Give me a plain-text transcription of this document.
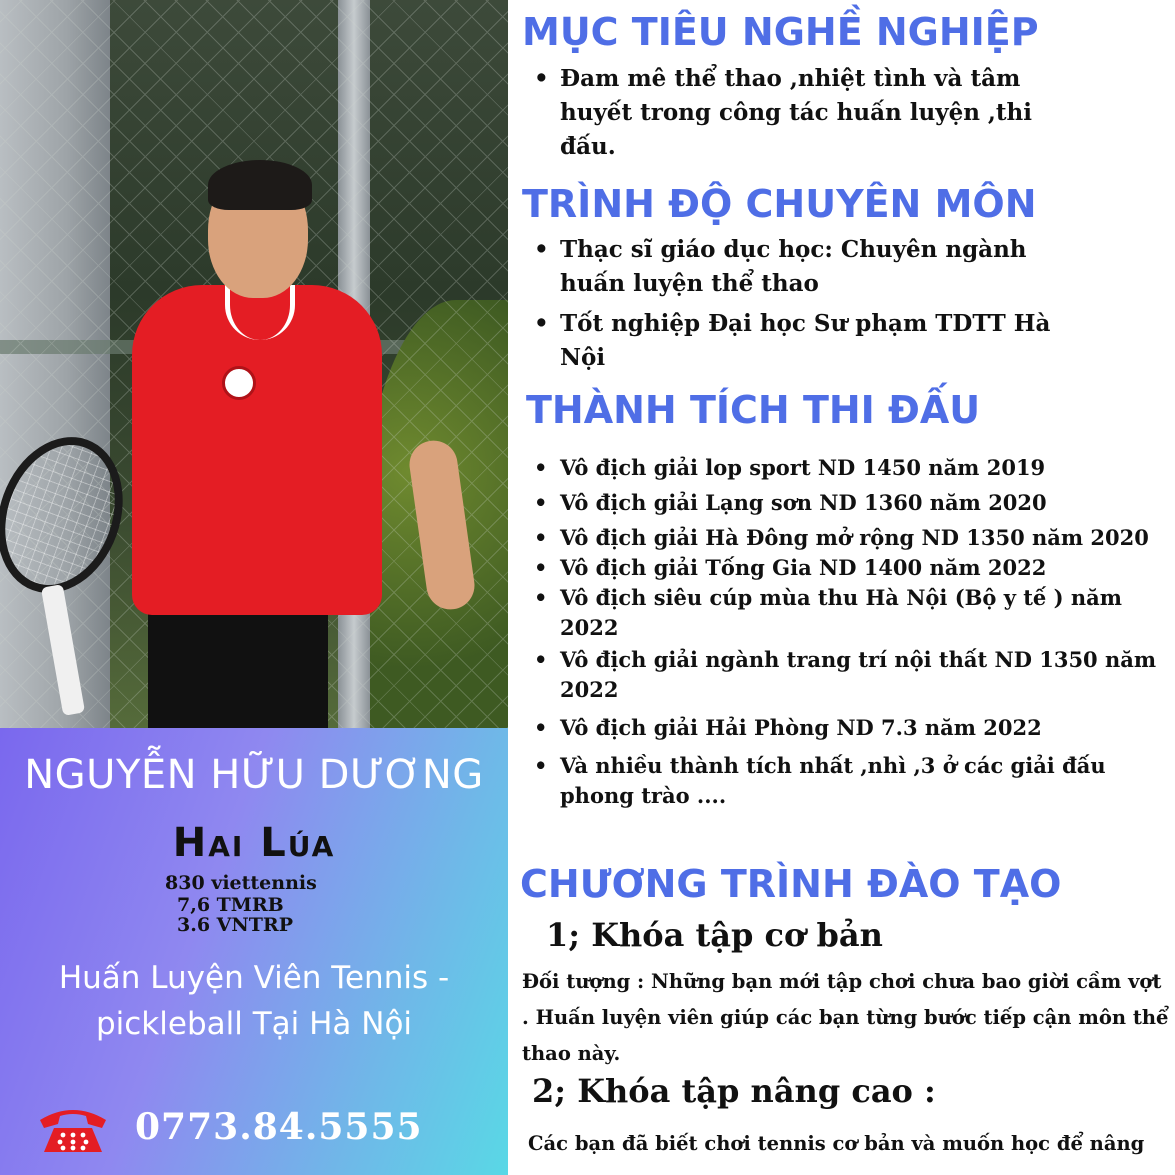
NGUYỄN HỮU DƯƠNG
Hai Lúa
830 viettennis
7,6 TMRB
3.6 VNTRP
Huấn Luyện Viên Tennis -
pickleball Tại Hà Nội
0773.84.5555
MỤC TIÊU NGHỀ NGHIỆP
• Đam mê thể thao ,nhiệt tình và tâm huyết trong công tác huấn luyện ,thi đấu.
TRÌNH ĐỘ CHUYÊN MÔN
• Thạc sĩ giáo dục học: Chuyên ngành huấn luyện thể thao
• Tốt nghiệp Đại học Sư phạm TDTT Hà Nội
THÀNH TÍCH THI ĐẤU
• Vô địch giải lop sport ND 1450 năm 2019
• Vô địch giải Lạng sơn ND 1360 năm 2020
• Vô địch giải Hà Đông mở rộng ND 1350 năm 2020
• Vô địch giải Tống Gia ND 1400 năm 2022
• Vô địch siêu cúp mùa thu Hà Nội (Bộ y tế ) năm 2022
• Vô địch giải ngành trang trí nội thất ND 1350 năm 2022
• Vô địch giải Hải Phòng ND 7.3 năm 2022
• Và nhiều thành tích nhất ,nhì ,3 ở các giải đấu phong trào ....
CHƯƠNG TRÌNH ĐÀO TẠO
1; Khóa tập cơ bản
Đối tượng : Những bạn mới tập chơi chưa bao giời cầm vợt . Huấn luyện viên giúp các bạn từng bước tiếp cận môn thể thao này.
2; Khóa tập nâng cao :
Các bạn đã biết chơi tennis cơ bản và muốn học để nâng
